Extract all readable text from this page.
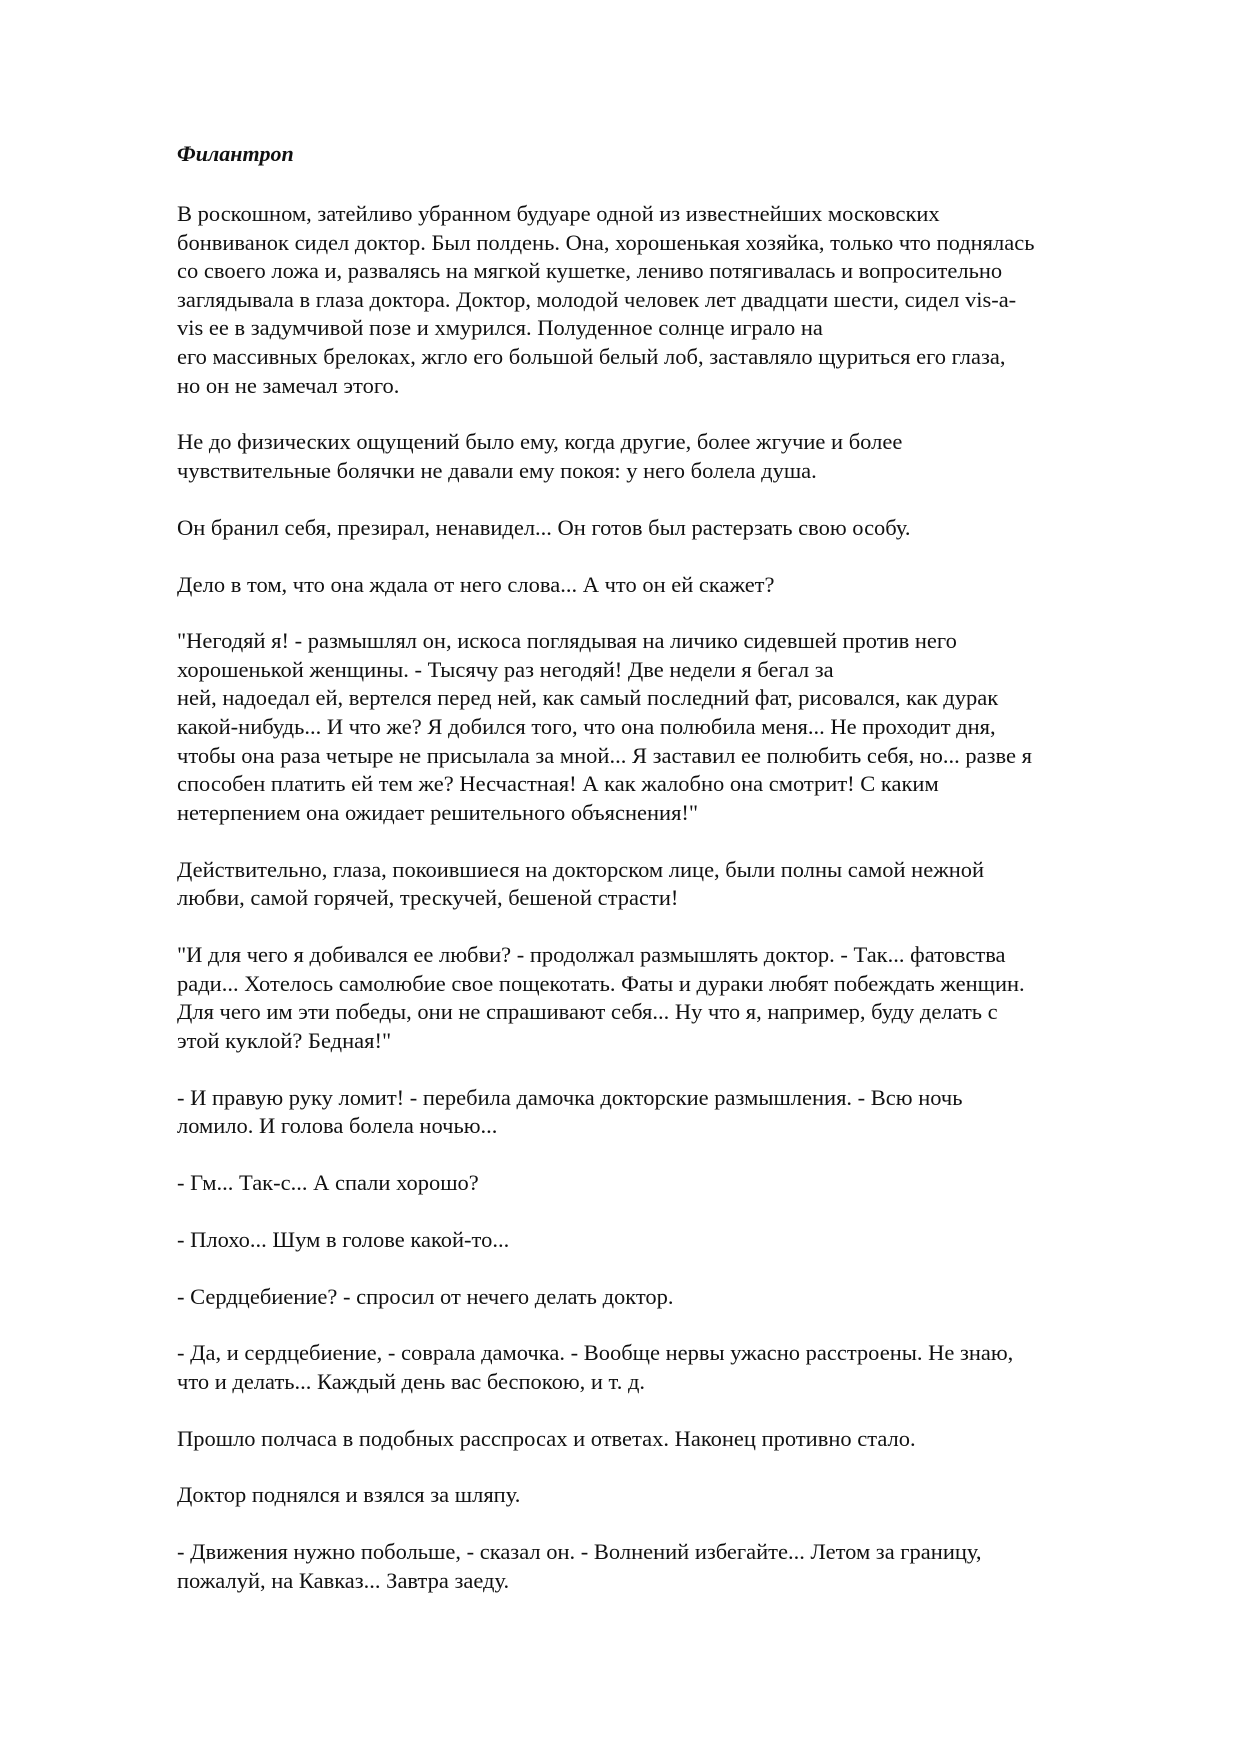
Филантроп
В роскошном, затейливо убранном будуаре одной из известнейших московских
бонвиванок сидел доктор. Был полдень. Она, хорошенькая хозяйка, только что поднялась
со своего ложа и, развалясь на мягкой кушетке, лениво потягивалась и вопросительно
заглядывала в глаза доктора. Доктор, молодой человек лет двадцати шести, сидел vis-a-
vis ее в задумчивой позе и хмурился. Полуденное солнце играло на
его массивных брелоках, жгло его большой белый лоб, заставляло щуриться его глаза,
но он не замечал этого.
Не до физических ощущений было ему, когда другие, более жгучие и более
чувствительные болячки не давали ему покоя: у него болела душа.
Он бранил себя, презирал, ненавидел... Он готов был растерзать свою особу.
Дело в том, что она ждала от него слова... А что он ей скажет?
"Негодяй я! - размышлял он, искоса поглядывая на личико сидевшей против него
хорошенькой женщины. - Тысячу раз негодяй! Две недели я бегал за
ней, надоедал ей, вертелся перед ней, как самый последний фат, рисовался, как дурак
какой-нибудь... И что же? Я добился того, что она полюбила меня... Не проходит дня,
чтобы она раза четыре не присылала за мной... Я заставил ее полюбить себя, но... разве я
способен платить ей тем же? Несчастная! А как жалобно она смотрит! С каким
нетерпением она ожидает решительного объяснения!"
Действительно, глаза, покоившиеся на докторском лице, были полны самой нежной
любви, самой горячей, трескучей, бешеной страсти!
"И для чего я добивался ее любви? - продолжал размышлять доктор. - Так... фатовства
ради... Хотелось самолюбие свое пощекотать. Фаты и дураки любят побеждать женщин.
Для чего им эти победы, они не спрашивают себя... Ну что я, например, буду делать с
этой куклой? Бедная!"
- И правую руку ломит! - перебила дамочка докторские размышления. - Всю ночь
ломило. И голова болела ночью...
- Гм... Так-с... А спали хорошо?
- Плохо... Шум в голове какой-то...
- Сердцебиение? - спросил от нечего делать доктор.
- Да, и сердцебиение, - соврала дамочка. - Вообще нервы ужасно расстроены. Не знаю,
что и делать... Каждый день вас беспокою, и т. д.
Прошло полчаса в подобных расспросах и ответах. Наконец противно стало.
Доктор поднялся и взялся за шляпу.
- Движения нужно побольше, - сказал он. - Волнений избегайте... Летом за границу,
пожалуй, на Кавказ... Завтра заеду.
